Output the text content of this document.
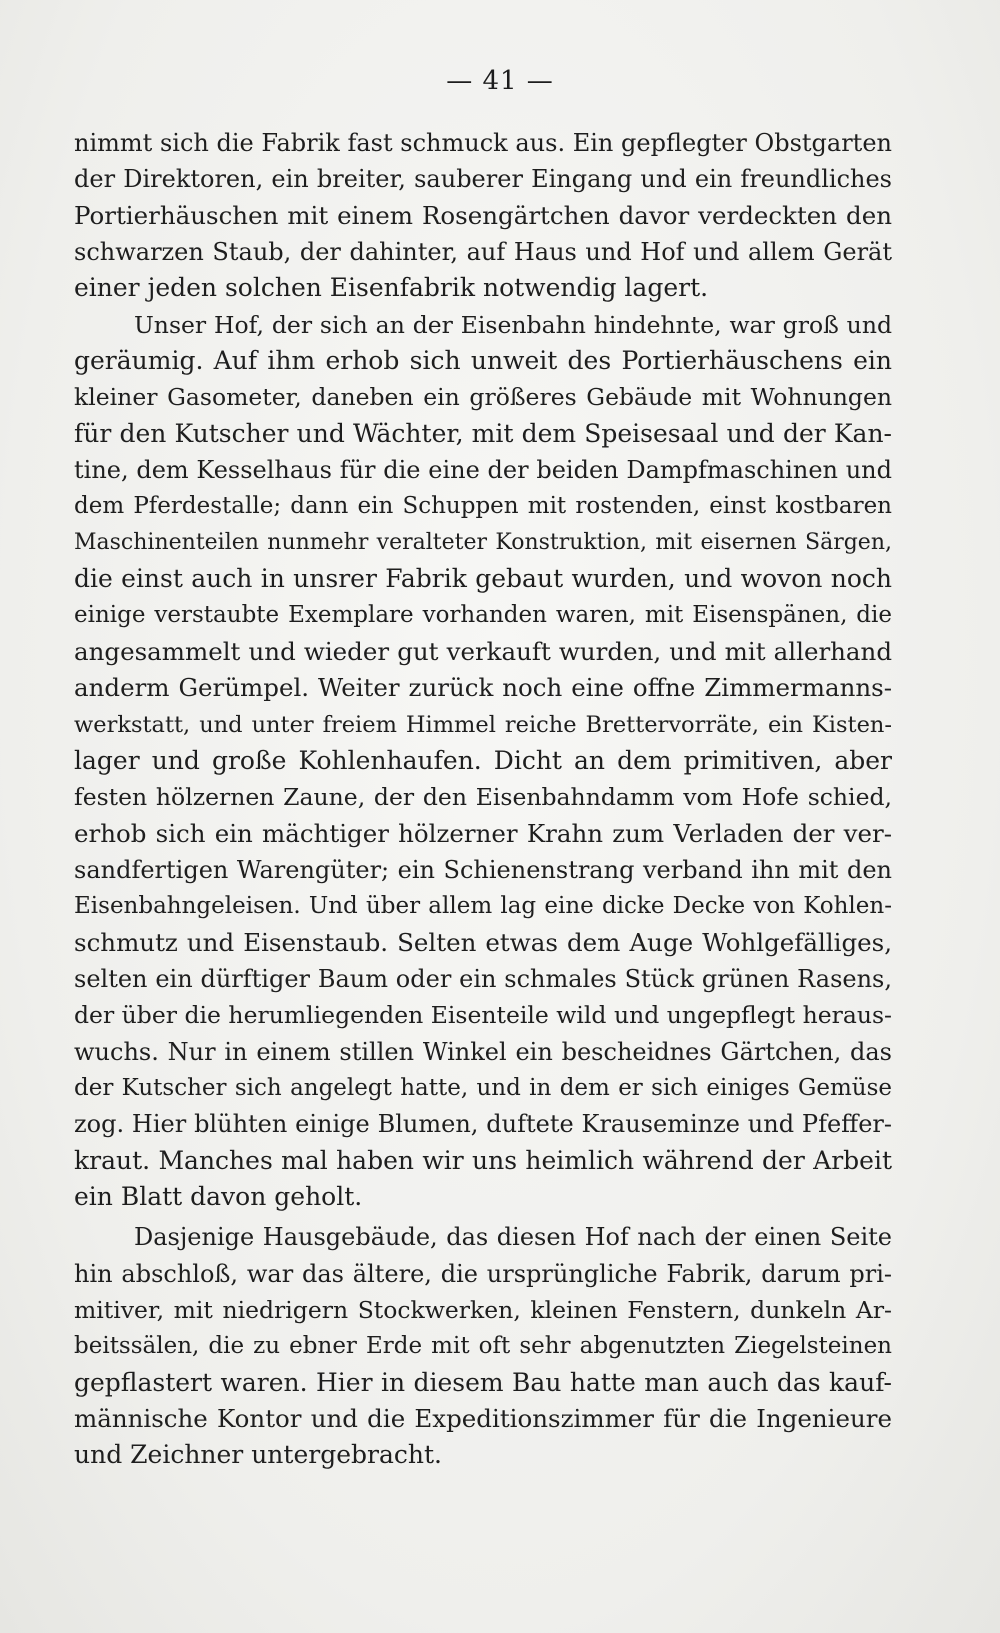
— 41 —
nimmt sich die Fabrik fast schmuck aus. Ein gepflegter Obstgarten
der Direktoren, ein breiter, sauberer Eingang und ein freundliches
Portierhäuschen mit einem Rosengärtchen davor verdeckten den
schwarzen Staub, der dahinter, auf Haus und Hof und allem Gerät
einer jeden solchen Eisenfabrik notwendig lagert.
Unser Hof, der sich an der Eisenbahn hindehnte, war groß und
geräumig. Auf ihm erhob sich unweit des Portierhäuschens ein
kleiner Gasometer, daneben ein größeres Gebäude mit Wohnungen
für den Kutscher und Wächter, mit dem Speisesaal und der Kan-
tine, dem Kesselhaus für die eine der beiden Dampfmaschinen und
dem Pferdestalle; dann ein Schuppen mit rostenden, einst kostbaren
Maschinenteilen nunmehr veralteter Konstruktion, mit eisernen Särgen,
die einst auch in unsrer Fabrik gebaut wurden, und wovon noch
einige verstaubte Exemplare vorhanden waren, mit Eisenspänen, die
angesammelt und wieder gut verkauft wurden, und mit allerhand
anderm Gerümpel. Weiter zurück noch eine offne Zimmermanns-
werkstatt, und unter freiem Himmel reiche Brettervorräte, ein Kisten-
lager und große Kohlenhaufen. Dicht an dem primitiven, aber
festen hölzernen Zaune, der den Eisenbahndamm vom Hofe schied,
erhob sich ein mächtiger hölzerner Krahn zum Verladen der ver-
sandfertigen Warengüter; ein Schienenstrang verband ihn mit den
Eisenbahngeleisen. Und über allem lag eine dicke Decke von Kohlen-
schmutz und Eisenstaub. Selten etwas dem Auge Wohlgefälliges,
selten ein dürftiger Baum oder ein schmales Stück grünen Rasens,
der über die herumliegenden Eisenteile wild und ungepflegt heraus-
wuchs. Nur in einem stillen Winkel ein bescheidnes Gärtchen, das
der Kutscher sich angelegt hatte, und in dem er sich einiges Gemüse
zog. Hier blühten einige Blumen, duftete Krauseminze und Pfeffer-
kraut. Manches mal haben wir uns heimlich während der Arbeit
ein Blatt davon geholt.
Dasjenige Hausgebäude, das diesen Hof nach der einen Seite
hin abschloß, war das ältere, die ursprüngliche Fabrik, darum pri-
mitiver, mit niedrigern Stockwerken, kleinen Fenstern, dunkeln Ar-
beitssälen, die zu ebner Erde mit oft sehr abgenutzten Ziegelsteinen
gepflastert waren. Hier in diesem Bau hatte man auch das kauf-
männische Kontor und die Expeditionszimmer für die Ingenieure
und Zeichner untergebracht.
